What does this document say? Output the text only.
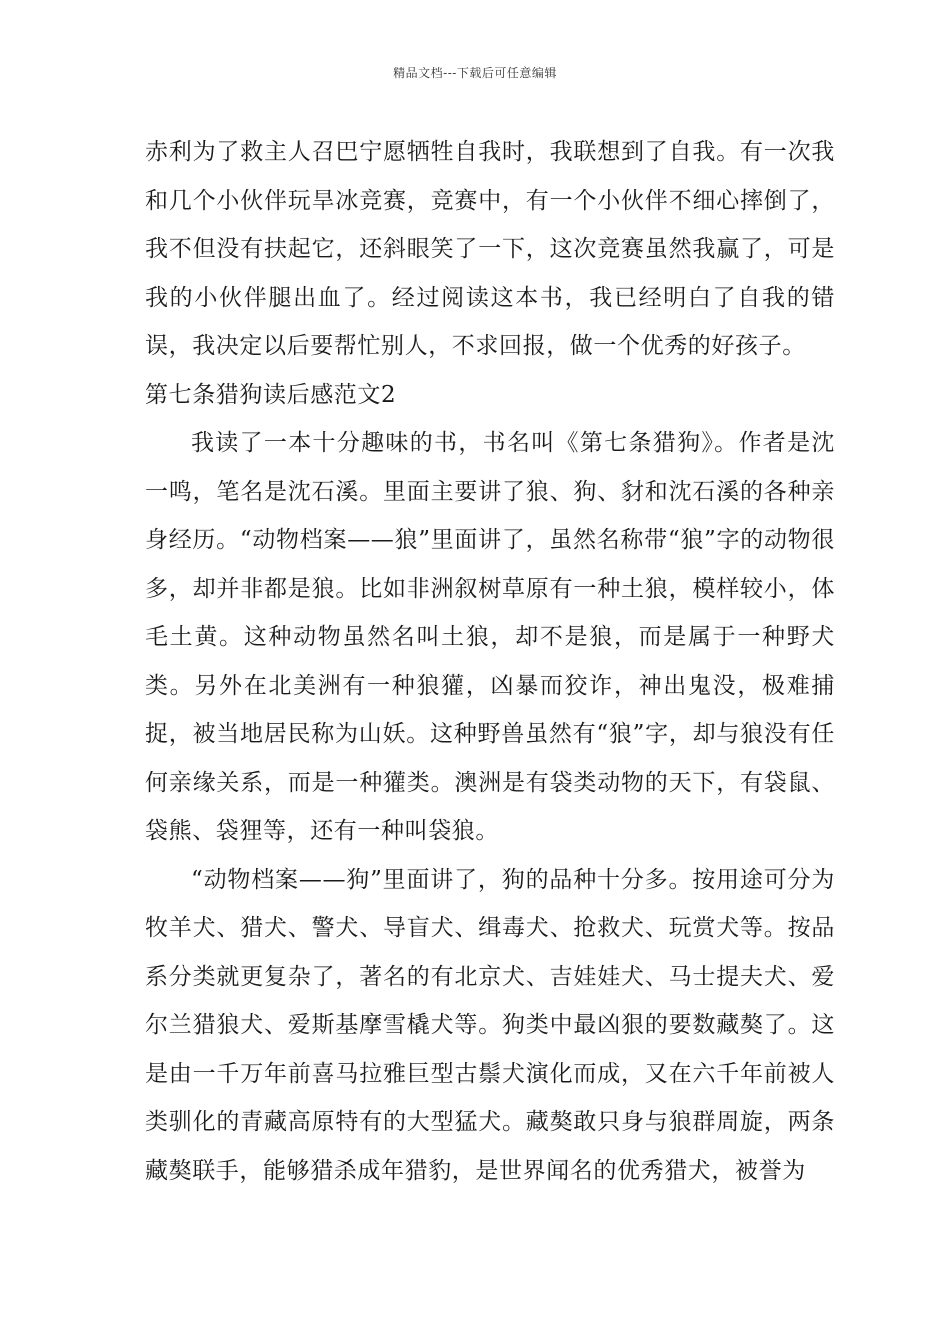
精品文档---下载后可任意编辑

赤利为了救主人召巴宁愿牺牲自我时，我联想到了自我。有一次我和几个小伙伴玩旱冰竞赛，竞赛中，有一个小伙伴不细心摔倒了，我不但没有扶起它，还斜眼笑了一下，这次竞赛虽然我赢了，可是我的小伙伴腿出血了。经过阅读这本书，我已经明白了自我的错误，我决定以后要帮忙别人，不求回报，做一个优秀的好孩子。

第七条猎狗读后感范文2

我读了一本十分趣味的书，书名叫《第七条猎狗》。作者是沈一鸣，笔名是沈石溪。里面主要讲了狼、狗、豺和沈石溪的各种亲身经历。“动物档案——狼”里面讲了，虽然名称带“狼”字的动物很多，却并非都是狼。比如非洲叙树草原有一种土狼，模样较小，体毛土黄。这种动物虽然名叫土狼，却不是狼，而是属于一种野犬类。另外在北美洲有一种狼獾，凶暴而狡诈，神出鬼没，极难捕捉，被当地居民称为山妖。这种野兽虽然有“狼”字，却与狼没有任何亲缘关系，而是一种獾类。澳洲是有袋类动物的天下，有袋鼠、袋熊、袋狸等，还有一种叫袋狼。

“动物档案——狗”里面讲了，狗的品种十分多。按用途可分为牧羊犬、猎犬、警犬、导盲犬、缉毒犬、抢救犬、玩赏犬等。按品系分类就更复杂了，著名的有北京犬、吉娃娃犬、马士提夫犬、爱尔兰猎狼犬、爱斯基摩雪橇犬等。狗类中最凶狠的要数藏獒了。这是由一千万年前喜马拉雅巨型古鬃犬演化而成，又在六千年前被人类驯化的青藏高原特有的大型猛犬。藏獒敢只身与狼群周旋，两条藏獒联手，能够猎杀成年猎豹，是世界闻名的优秀猎犬，被誉为
